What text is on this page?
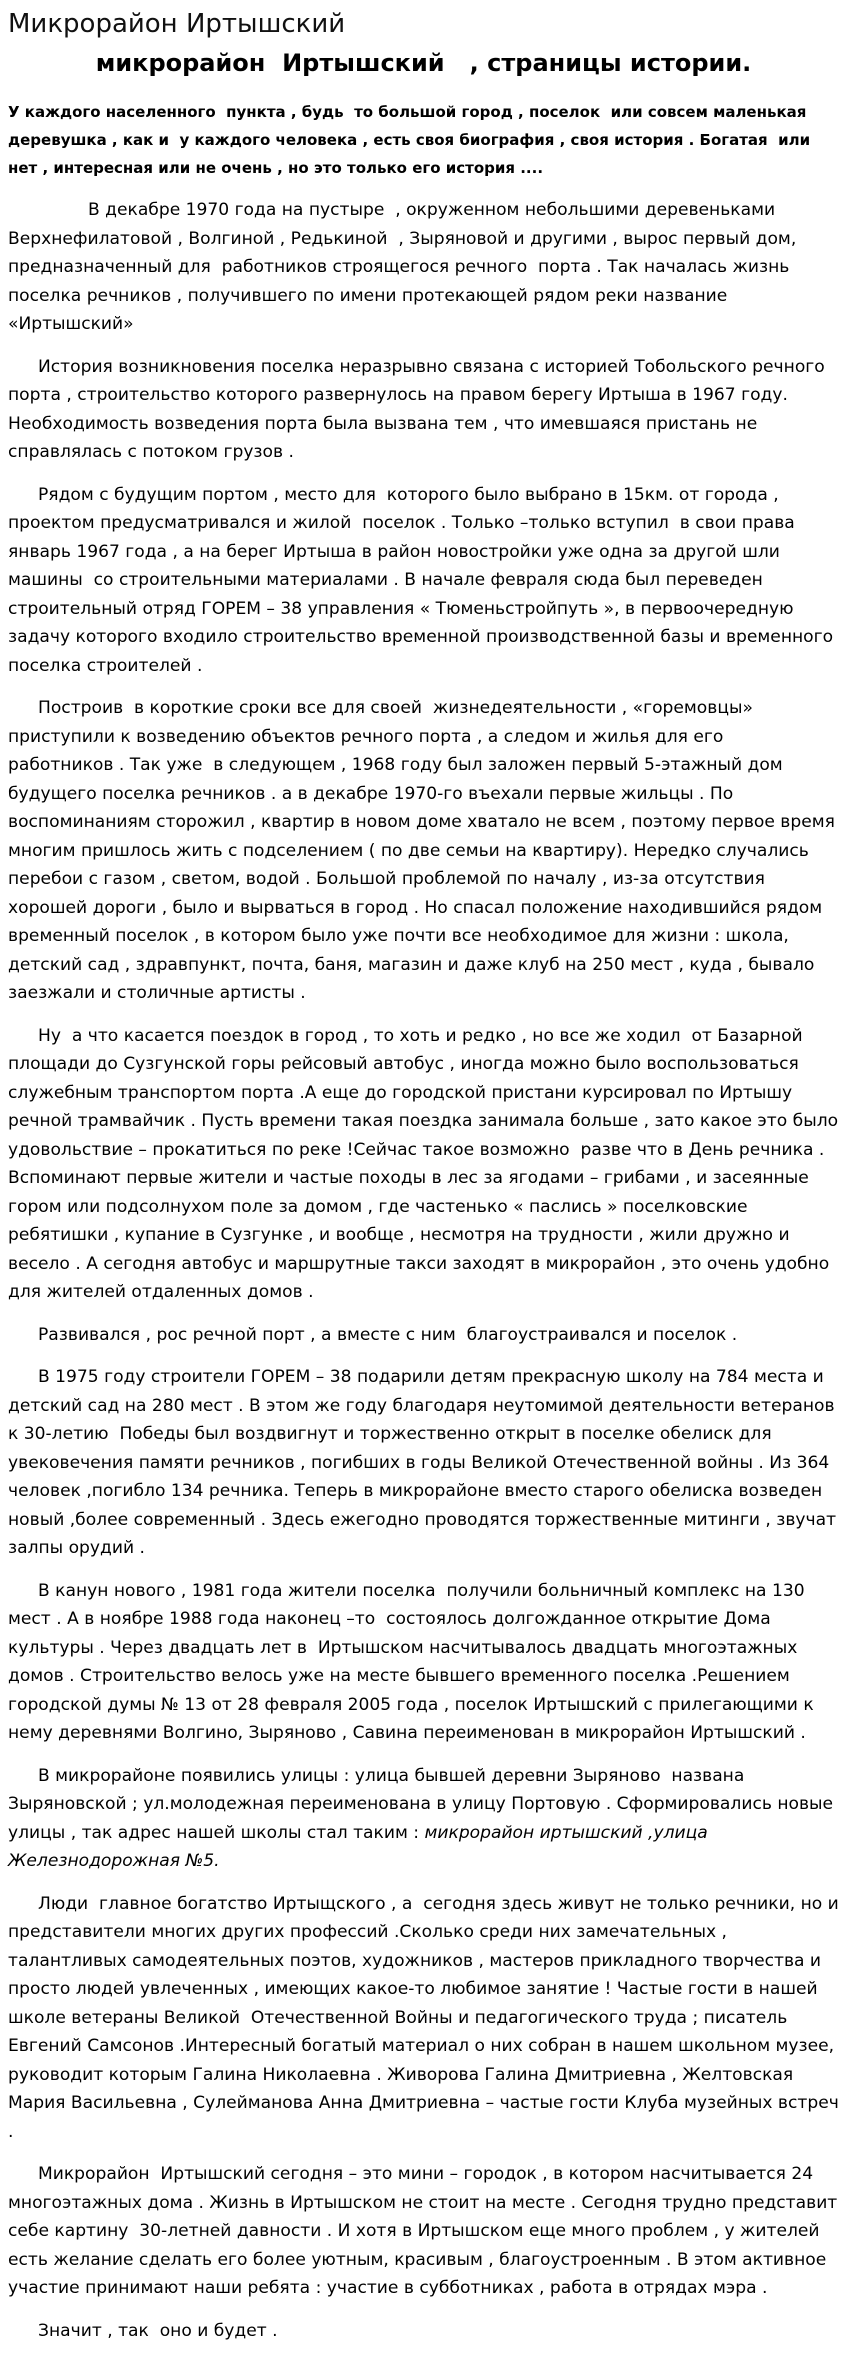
Микрорайон Иртышский
микрорайон  Иртышский   , страницы истории.
У каждого населенного  пункта , будь  то большой город , поселок  или совсем маленькая  деревушка , как и  у каждого человека , есть своя биография , своя история . Богатая  или нет , интересная или не очень , но это только его история ....

В декабре 1970 года на пустыре  , окруженном небольшими деревеньками Верхнефилатовой , Волгиной , Редькиной  , Зыряновой и другими , вырос первый дом, предназначенный для  работников строящегося речного  порта . Так началась жизнь поселка речников , получившего по имени протекающей рядом реки название «Иртышский»

История возникновения поселка неразрывно связана с историей Тобольского речного порта , строительство которого развернулось на правом берегу Иртыша в 1967 году. Необходимость возведения порта была вызвана тем , что имевшаяся пристань не справлялась с потоком грузов .

Рядом с будущим портом , место для  которого было выбрано в 15км. от города , проектом предусматривался и жилой  поселок . Только –только вступил  в свои права январь 1967 года , а на берег Иртыша в район новостройки уже одна за другой шли машины  со строительными материалами . В начале февраля сюда был переведен строительный отряд ГОРЕМ – 38 управления « Тюменьстройпуть », в первоочередную задачу которого входило строительство временной производственной базы и временного поселка строителей .

Построив  в короткие сроки все для своей  жизнедеятельности , «горемовцы» приступили к возведению объектов речного порта , а следом и жилья для его  работников . Так уже  в следующем , 1968 году был заложен первый 5-этажный дом будущего поселка речников . а в декабре 1970-го въехали первые жильцы . По воспоминаниям сторожил , квартир в новом доме хватало не всем , поэтому первое время многим пришлось жить с подселением ( по две семьи на квартиру). Нередко случались перебои с газом , светом, водой . Большой проблемой по началу , из-за отсутствия хорошей дороги , было и вырваться в город . Но спасал положение находившийся рядом временный поселок , в котором было уже почти все необходимое для жизни : школа, детский сад , здравпункт, почта, баня, магазин и даже клуб на 250 мест , куда , бывало заезжали и столичные артисты .

Ну  а что касается поездок в город , то хоть и редко , но все же ходил  от Базарной площади до Сузгунской горы рейсовый автобус , иногда можно было воспользоваться служебным транспортом порта .А еще до городской пристани курсировал по Иртышу речной трамвайчик . Пусть времени такая поездка занимала больше , зато какое это было удовольствие – прокатиться по реке !Сейчас такое возможно  разве что в День речника .  Вспоминают первые жители и частые походы в лес за ягодами – грибами , и засеянные гором или подсолнухом поле за домом , где частенько « паслись » поселковские ребятишки , купание в Сузгунке , и вообще , несмотря на трудности , жили дружно и весело . А сегодня автобус и маршрутные такси заходят в микрорайон , это очень удобно для жителей отдаленных домов .

Развивался , рос речной порт , а вместе с ним  благоустраивался и поселок .

В 1975 году строители ГОРЕМ – 38 подарили детям прекрасную школу на 784 места и детский сад на 280 мест . В этом же году благодаря неутомимой деятельности ветеранов к 30-летию  Победы был воздвигнут и торжественно открыт в поселке обелиск для  увековечения памяти речников , погибших в годы Великой Отечественной войны . Из 364 человек ,погибло 134 речника. Теперь в микрорайоне вместо старого обелиска возведен новый ,более современный . Здесь ежегодно проводятся торжественные митинги , звучат залпы орудий .

В канун нового , 1981 года жители поселка  получили больничный комплекс на 130 мест . А в ноябре 1988 года наконец –то  состоялось долгожданное открытие Дома культуры . Через двадцать лет в  Иртышском насчитывалось двадцать многоэтажных домов . Строительство велось уже на месте бывшего временного поселка .Решением  городской думы № 13 от 28 февраля 2005 года , поселок Иртышский с прилегающими к нему деревнями Волгино, Зыряново , Савина переименован в микрорайон Иртышский .

В микрорайоне появились улицы : улица бывшей деревни Зыряново  названа Зыряновской ; ул.молодежная переименована в улицу Портовую . Сформировались новые улицы , так адрес нашей школы стал таким : микрорайон иртышский ,улица Железнодорожная №5.

Люди  главное богатство Иртыщского , а  сегодня здесь живут не только речники, но и представители многих других профессий .Сколько среди них замечательных , талантливых самодеятельных поэтов, художников , мастеров прикладного творчества и просто людей увлеченных , имеющих какое-то любимое занятие ! Частые гости в нашей школе ветераны Великой  Отечественной Войны и педагогического труда ; писатель Евгений Самсонов .Интересный богатый материал о них собран в нашем школьном музее, руководит которым Галина Николаевна . Живорова Галина Дмитриевна , Желтовская Мария Васильевна , Сулейманова Анна Дмитриевна – частые гости Клуба музейных встреч .

Микрорайон  Иртышский сегодня – это мини – городок , в котором насчитывается 24 многоэтажных дома . Жизнь в Иртышском не стоит на месте . Сегодня трудно представит себе картину  30-летней давности . И хотя в Иртышском еще много проблем , у жителей есть желание сделать его более уютным, красивым , благоустроенным . В этом активное участие принимают наши ребята : участие в субботниках , работа в отрядах мэра .

Значит , так  оно и будет .
